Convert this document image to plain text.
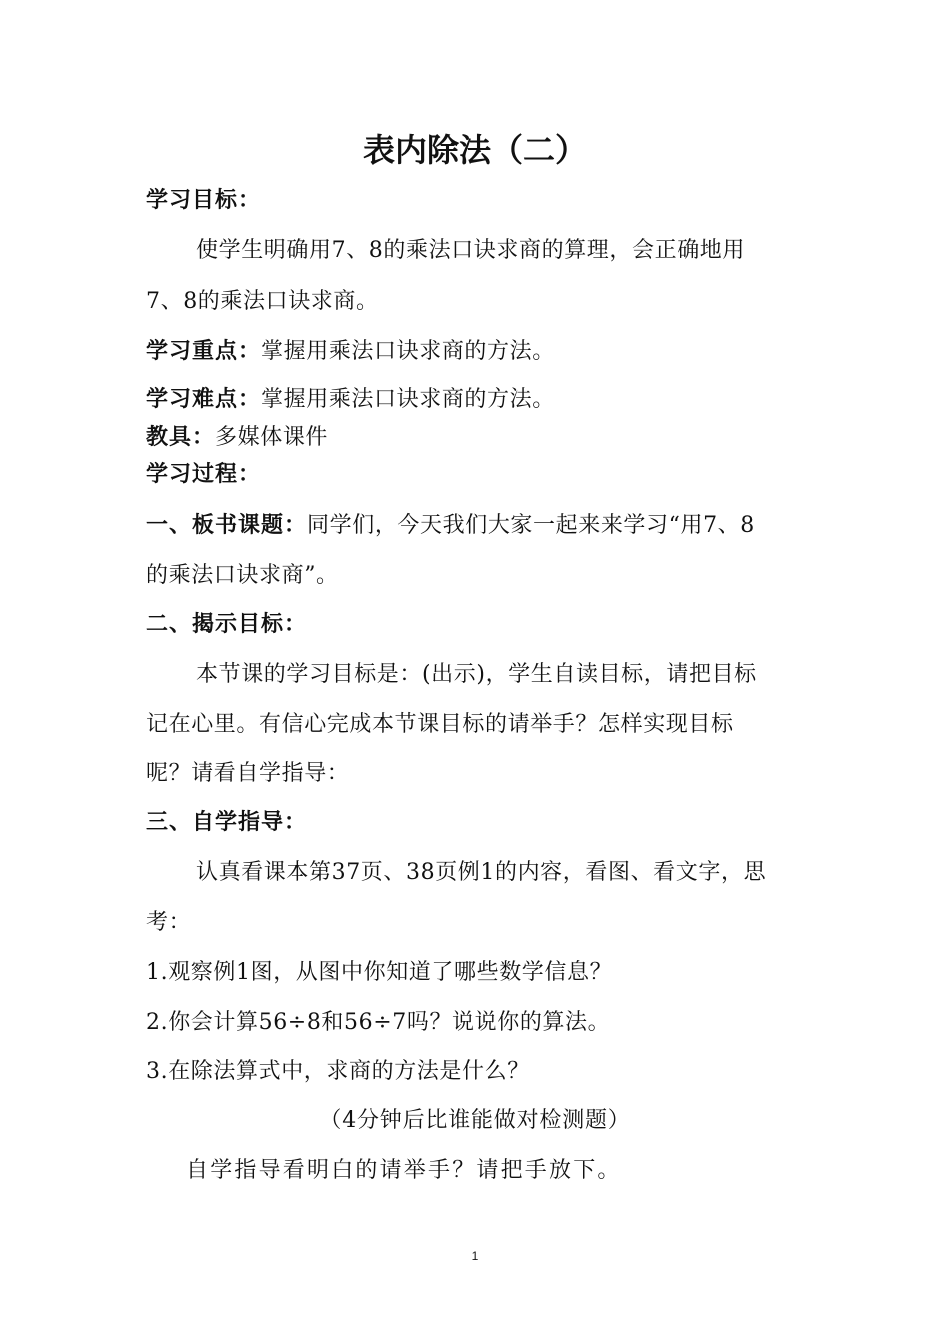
表内除法（二）
学习目标：
使学生明确用7、8的乘法口诀求商的算理，会正确地用
7、8的乘法口诀求商。
学习重点：掌握用乘法口诀求商的方法。
学习难点：掌握用乘法口诀求商的方法。
教具：多媒体课件
学习过程：
一、板书课题：同学们，今天我们大家一起来来学习“用7、8
的乘法口诀求商”。
二、揭示目标：
本节课的学习目标是：(出示)，学生自读目标，请把目标
记在心里。有信心完成本节课目标的请举手？怎样实现目标
呢？请看自学指导：
三、自学指导：
认真看课本第37页、38页例1的内容，看图、看文字，思
考：
1.观察例1图，从图中你知道了哪些数学信息？
2.你会计算56÷8和56÷7吗？说说你的算法。
3.在除法算式中，求商的方法是什么？
（4分钟后比谁能做对检测题）
自学指导看明白的请举手？请把手放下。
1
